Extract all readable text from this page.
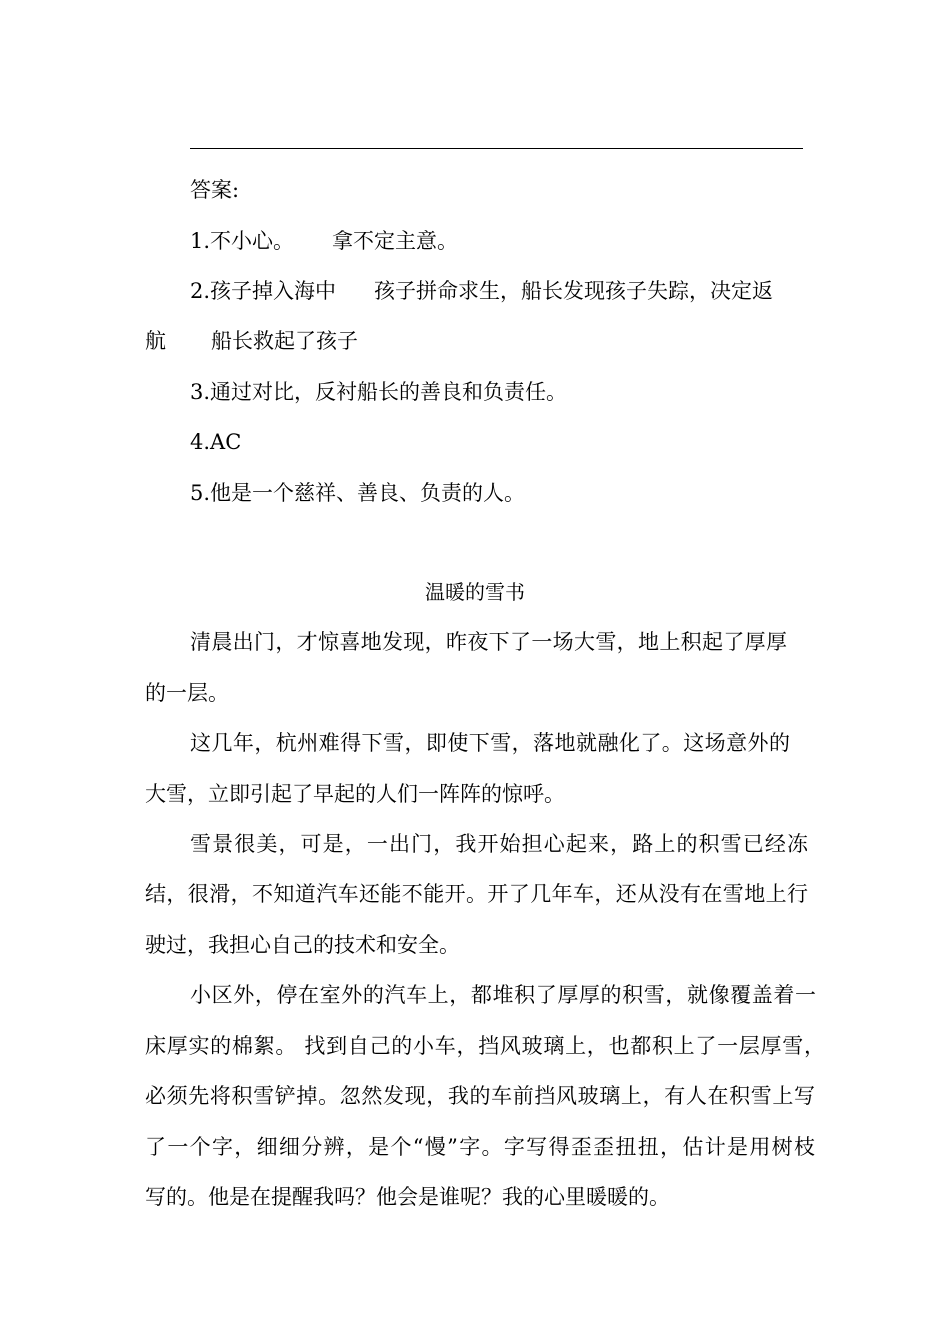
答案:
1.不小心。 拿不定主意。
2.孩子掉入海中 孩子拼命求生，船长发现孩子失踪，决定返
航 船长救起了孩子
3.通过对比，反衬船长的善良和负责任。
4.AC
5.他是一个慈祥、善良、负责的人。
温暖的雪书
清晨出门，才惊喜地发现，昨夜下了一场大雪，地上积起了厚厚
的一层。
这几年，杭州难得下雪，即使下雪，落地就融化了。这场意外的
大雪，立即引起了早起的人们一阵阵的惊呼。
雪景很美，可是，一出门，我开始担心起来，路上的积雪已经冻
结，很滑，不知道汽车还能不能开。开了几年车，还从没有在雪地上行
驶过，我担心自己的技术和安全。
小区外，停在室外的汽车上，都堆积了厚厚的积雪，就像覆盖着一
床厚实的棉絮。 找到自己的小车，挡风玻璃上，也都积上了一层厚雪，
必须先将积雪铲掉。忽然发现，我的车前挡风玻璃上，有人在积雪上写
了一个字，细细分辨，是个“慢”字。字写得歪歪扭扭，估计是用树枝
写的。他是在提醒我吗？他会是谁呢？我的心里暖暖的。
